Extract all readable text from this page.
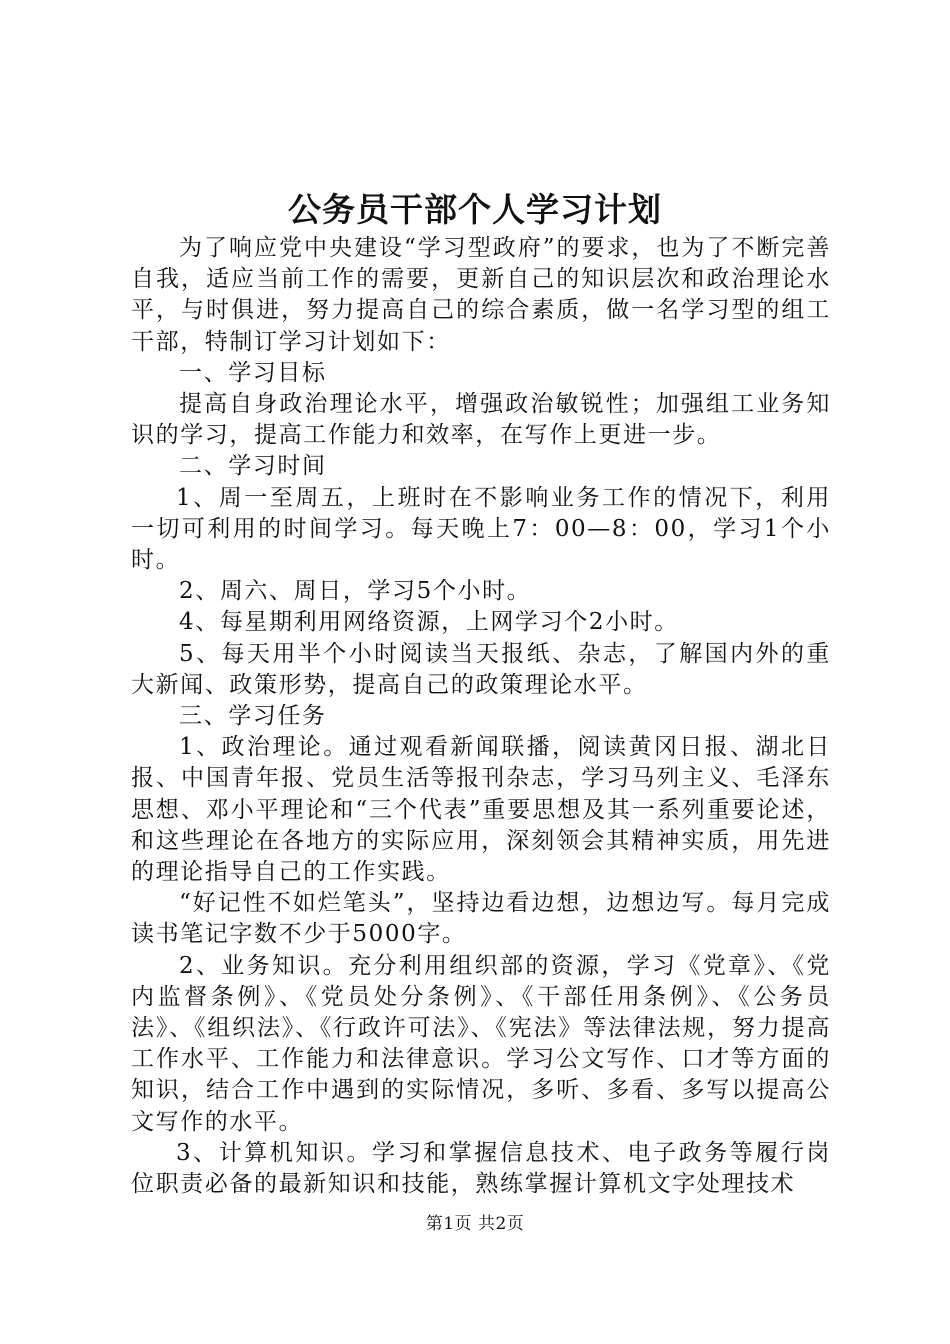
公务员干部个人学习计划

为了响应党中央建设“学习型政府”的要求，也为了不断完善自我，适应当前工作的需要，更新自己的知识层次和政治理论水平，与时俱进，努力提高自己的综合素质，做一名学习型的组工干部，特制订学习计划如下：

一、学习目标

提高自身政治理论水平，增强政治敏锐性；加强组工业务知识的学习，提高工作能力和效率，在写作上更进一步。

二、学习时间

1、周一至周五，上班时在不影响业务工作的情况下，利用一切可利用的时间学习。每天晚上7：00—8：00，学习1个小时。

2、周六、周日，学习5个小时。

4、每星期利用网络资源，上网学习个2小时。

5、每天用半个小时阅读当天报纸、杂志，了解国内外的重大新闻、政策形势，提高自己的政策理论水平。

三、学习任务

1、政治理论。通过观看新闻联播，阅读黄冈日报、湖北日报、中国青年报、党员生活等报刊杂志，学习马列主义、毛泽东思想、邓小平理论和“三个代表”重要思想及其一系列重要论述，和这些理论在各地方的实际应用，深刻领会其精神实质，用先进的理论指导自己的工作实践。

“好记性不如烂笔头”，坚持边看边想，边想边写。每月完成读书笔记字数不少于5000字。

2、业务知识。充分利用组织部的资源，学习《党章》、《党内监督条例》、《党员处分条例》、《干部任用条例》、《公务员法》、《组织法》、《行政许可法》、《宪法》等法律法规，努力提高工作水平、工作能力和法律意识。学习公文写作、口才等方面的知识，结合工作中遇到的实际情况，多听、多看、多写以提高公文写作的水平。

3、计算机知识。学习和掌握信息技术、电子政务等履行岗位职责必备的最新知识和技能，熟练掌握计算机文字处理技术

第1页 共2页
